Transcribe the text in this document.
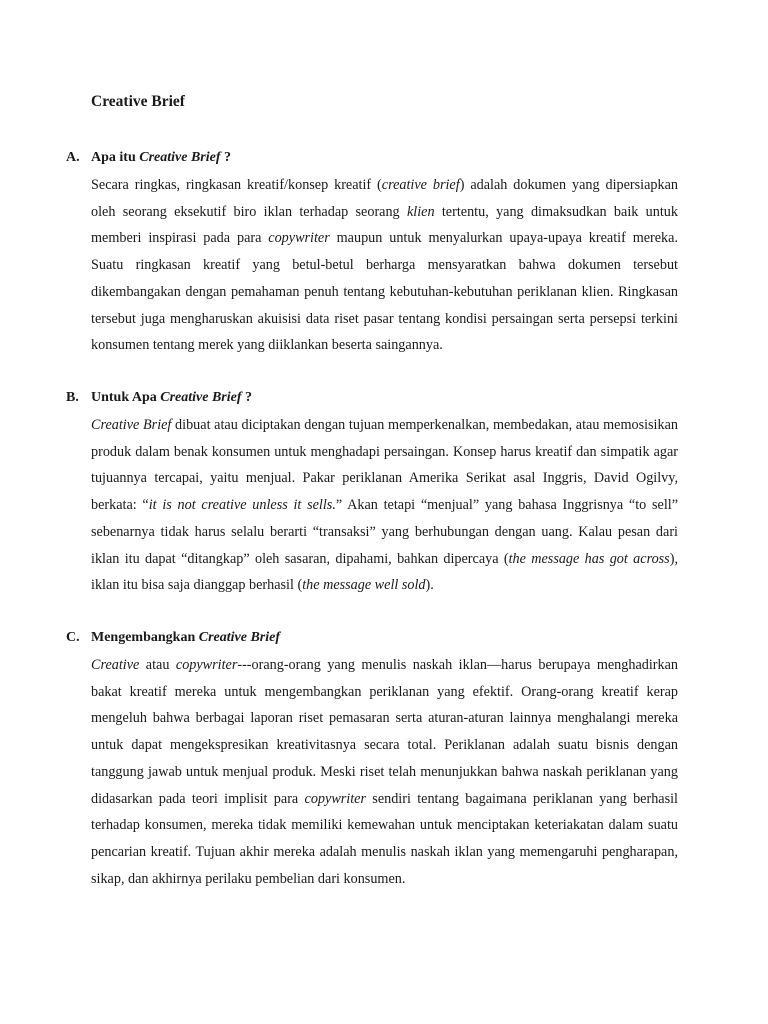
Creative Brief
A. Apa itu Creative Brief ?

Secara ringkas, ringkasan kreatif/konsep kreatif (creative brief) adalah dokumen yang dipersiapkan oleh seorang eksekutif biro iklan terhadap seorang klien tertentu, yang dimaksudkan baik untuk memberi inspirasi pada para copywriter maupun untuk menyalurkan upaya-upaya kreatif mereka. Suatu ringkasan kreatif yang betul-betul berharga mensyaratkan bahwa dokumen tersebut dikembangakan dengan pemahaman penuh tentang kebutuhan-kebutuhan periklanan klien. Ringkasan tersebut juga mengharuskan akuisisi data riset pasar tentang kondisi persaingan serta persepsi terkini konsumen tentang merek yang diiklankan beserta saingannya.

B. Untuk Apa Creative Brief ?

Creative Brief dibuat atau diciptakan dengan tujuan memperkenalkan, membedakan, atau memosisikan produk dalam benak konsumen untuk menghadapi persaingan. Konsep harus kreatif dan simpatik agar tujuannya tercapai, yaitu menjual. Pakar periklanan Amerika Serikat asal Inggris, David Ogilvy, berkata: “it is not creative unless it sells.” Akan tetapi “menjual” yang bahasa Inggrisnya “to sell” sebenarnya tidak harus selalu berarti “transaksi” yang berhubungan dengan uang. Kalau pesan dari iklan itu dapat “ditangkap” oleh sasaran, dipahami, bahkan dipercaya (the message has got across), iklan itu bisa saja dianggap berhasil (the message well sold).

C. Mengembangkan Creative Brief

Creative atau copywriter---orang-orang yang menulis naskah iklan—harus berupaya menghadirkan bakat kreatif mereka untuk mengembangkan periklanan yang efektif. Orang-orang kreatif kerap mengeluh bahwa berbagai laporan riset pemasaran serta aturan-aturan lainnya menghalangi mereka untuk dapat mengekspresikan kreativitasnya secara total. Periklanan adalah suatu bisnis dengan tanggung jawab untuk menjual produk. Meski riset telah menunjukkan bahwa naskah periklanan yang didasarkan pada teori implisit para copywriter sendiri tentang bagaimana periklanan yang berhasil terhadap konsumen, mereka tidak memiliki kemewahan untuk menciptakan keteriakatan dalam suatu pencarian kreatif. Tujuan akhir mereka adalah menulis naskah iklan yang memengaruhi pengharapan, sikap, dan akhirnya perilaku pembelian dari konsumen.
